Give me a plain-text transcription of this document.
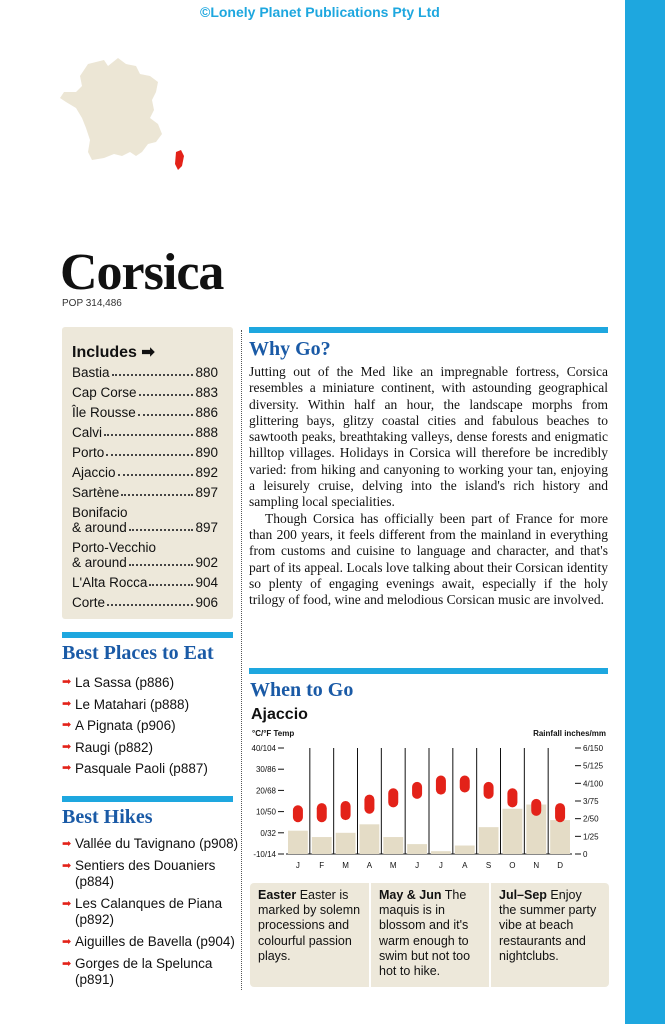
©Lonely Planet Publications Pty Ltd
Corsica
POP 314,486
Includes ➡
Bastia	880
Cap Corse	883
Île Rousse	886
Calvi	888
Porto	890
Ajaccio	892
Sartène	897
Bonifacio
& around	897
Porto-Vecchio
& around	902
L'Alta Rocca	904
Corte	906
Best Places to Eat
➡ La Sassa (p886)
➡ Le Matahari (p888)
➡ A Pignata (p906)
➡ Raugi (p882)
➡ Pasquale Paoli (p887)
Best Hikes
➡ Vallée du Tavignano (p908)
➡ Sentiers des Douaniers (p884)
➡ Les Calanques de Piana (p892)
➡ Aiguilles de Bavella (p904)
➡ Gorges de la Spelunca (p891)
Why Go?

Jutting out of the Med like an impregnable fortress, Corsica resembles a miniature continent, with astounding geographical diversity. Within half an hour, the landscape morphs from glittering bays, glitzy coastal cities and fabulous beaches to sawtooth peaks, breathtaking valleys, dense forests and enigmatic hilltop villages. Holidays in Corsica will therefore be incredibly varied: from hiking and canyoning to working your tan, enjoying a leisurely cruise, delving into the island's rich history and sampling local specialities.

Though Corsica has officially been part of France for more than 200 years, it feels different from the mainland in everything from customs and cuisine to language and character, and that's part of its appeal. Locals love talking about their Corsican identity so plenty of engaging evenings await, especially if the holy trilogy of food, wine and melodious Corsican music are involved.

When to Go
Ajaccio
°C/°F Temp	Rainfall inches/mm
40/104
30/86
20/68
10/50
0/32
-10/14
6/150
5/125
4/100
3/75
2/50
1/25
0
J F M A M J J A S O N D
Easter Easter is marked by solemn processions and colourful passion plays.
May & Jun The maquis is in blossom and it's warm enough to swim but not too hot to hike.
Jul–Sep Enjoy the summer party vibe at beach restaurants and nightclubs.
